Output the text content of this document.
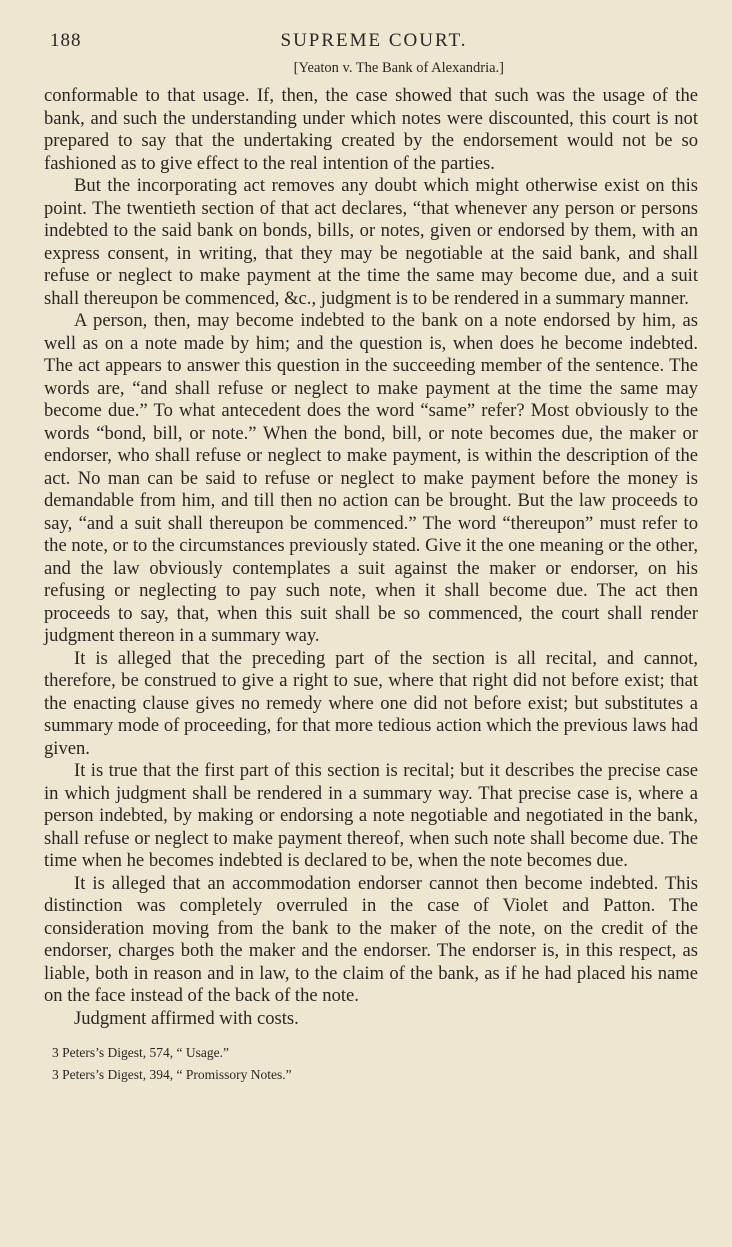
188	SUPREME COURT.
[Yeaton v. The Bank of Alexandria.]

conformable to that usage. If, then, the case showed that such was the usage of the bank, and such the understanding under which notes were discounted, this court is not prepared to say that the undertaking created by the endorsement would not be so fashioned as to give effect to the real intention of the parties.

But the incorporating act removes any doubt which might otherwise exist on this point. The twentieth section of that act declares, “that whenever any person or persons indebted to the said bank on bonds, bills, or notes, given or endorsed by them, with an express consent, in writing, that they may be negotiable at the said bank, and shall refuse or neglect to make payment at the time the same may become due, and a suit shall thereupon be commenced, &c., judgment is to be rendered in a summary manner.

A person, then, may become indebted to the bank on a note endorsed by him, as well as on a note made by him; and the question is, when does he become indebted. The act appears to answer this question in the succeeding member of the sentence. The words are, “and shall refuse or neglect to make payment at the time the same may become due.” To what antecedent does the word “same” refer? Most obviously to the words “bond, bill, or note.” When the bond, bill, or note becomes due, the maker or endorser, who shall refuse or neglect to make payment, is within the description of the act. No man can be said to refuse or neglect to make payment before the money is demandable from him, and till then no action can be brought. But the law proceeds to say, “and a suit shall thereupon be commenced.” The word “thereupon” must refer to the note, or to the circumstances previously stated. Give it the one meaning or the other, and the law obviously contemplates a suit against the maker or endorser, on his refusing or neglecting to pay such note, when it shall become due. The act then proceeds to say, that, when this suit shall be so commenced, the court shall render judgment thereon in a summary way.

It is alleged that the preceding part of the section is all recital, and cannot, therefore, be construed to give a right to sue, where that right did not before exist; that the enacting clause gives no remedy where one did not before exist; but substitutes a summary mode of proceeding, for that more tedious action which the previous laws had given.

It is true that the first part of this section is recital; but it describes the precise case in which judgment shall be rendered in a summary way. That precise case is, where a person indebted, by making or endorsing a note negotiable and negotiated in the bank, shall refuse or neglect to make payment thereof, when such note shall become due. The time when he becomes indebted is declared to be, when the note becomes due.

It is alleged that an accommodation endorser cannot then become indebted. This distinction was completely overruled in the case of Violet and Patton. The consideration moving from the bank to the maker of the note, on the credit of the endorser, charges both the maker and the endorser. The endorser is, in this respect, as liable, both in reason and in law, to the claim of the bank, as if he had placed his name on the face instead of the back of the note.

Judgment affirmed with costs.

3 Peters’s Digest, 574, “ Usage.”
3 Peters’s Digest, 394, “ Promissory Notes.”
